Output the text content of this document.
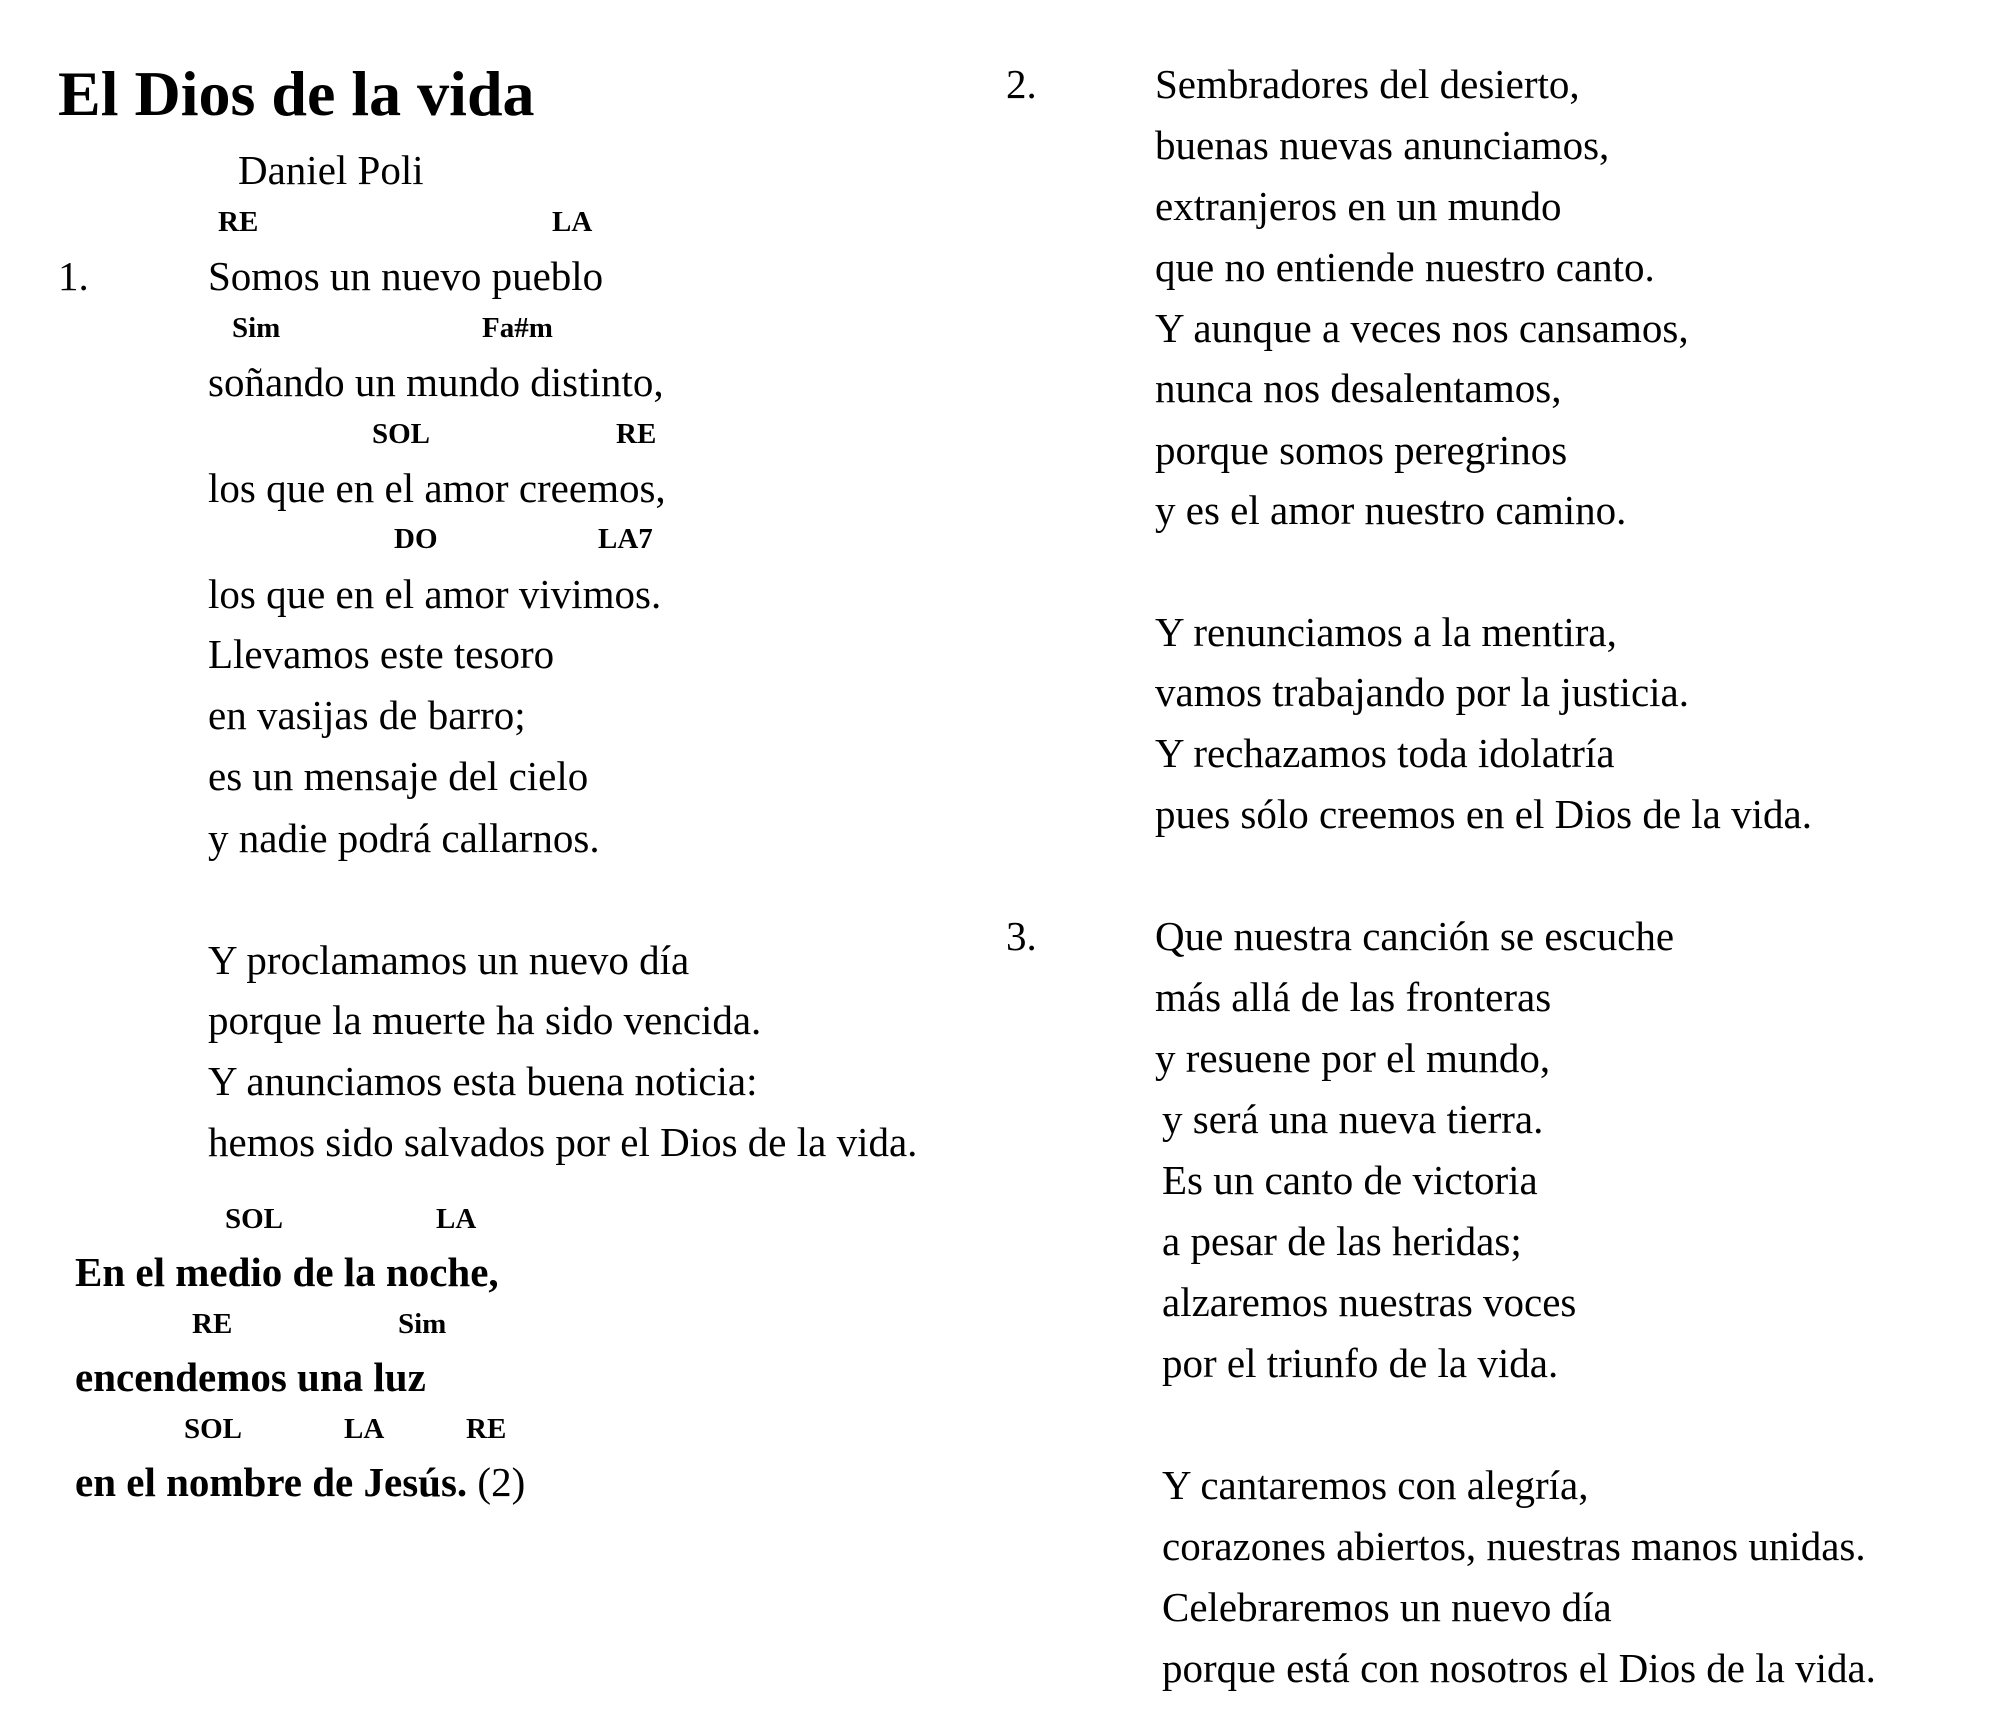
El Dios de la vida
Daniel Poli
RE	LA
1.	Somos un nuevo pueblo
Sim	Fa#m
soñando un mundo distinto,
SOL	RE
los que en el amor creemos,
DO	LA7
los que en el amor vivimos.
Llevamos este tesoro
en vasijas de barro;
es un mensaje del cielo
y nadie podrá callarnos.
Y proclamamos un nuevo día
porque la muerte ha sido vencida.
Y anunciamos esta buena noticia:
hemos sido salvados por el Dios de la vida.
SOL	LA
En el medio de la noche,
RE	Sim
encendemos una luz
SOL	LA	RE
en el nombre de Jesús. (2)
2.	Sembradores del desierto,
buenas nuevas anunciamos,
extranjeros en un mundo
que no entiende nuestro canto.
Y aunque a veces nos cansamos,
nunca nos desalentamos,
porque somos peregrinos
y es el amor nuestro camino.
Y renunciamos a la mentira,
vamos trabajando por la justicia.
Y rechazamos toda idolatría
pues sólo creemos en el Dios de la vida.
3.	Que nuestra canción se escuche
más allá de las fronteras
y resuene por el mundo,
y será una nueva tierra.
Es un canto de victoria
a pesar de las heridas;
alzaremos nuestras voces
por el triunfo de la vida.
Y cantaremos con alegría,
corazones abiertos, nuestras manos unidas.
Celebraremos un nuevo día
porque está con nosotros el Dios de la vida.
